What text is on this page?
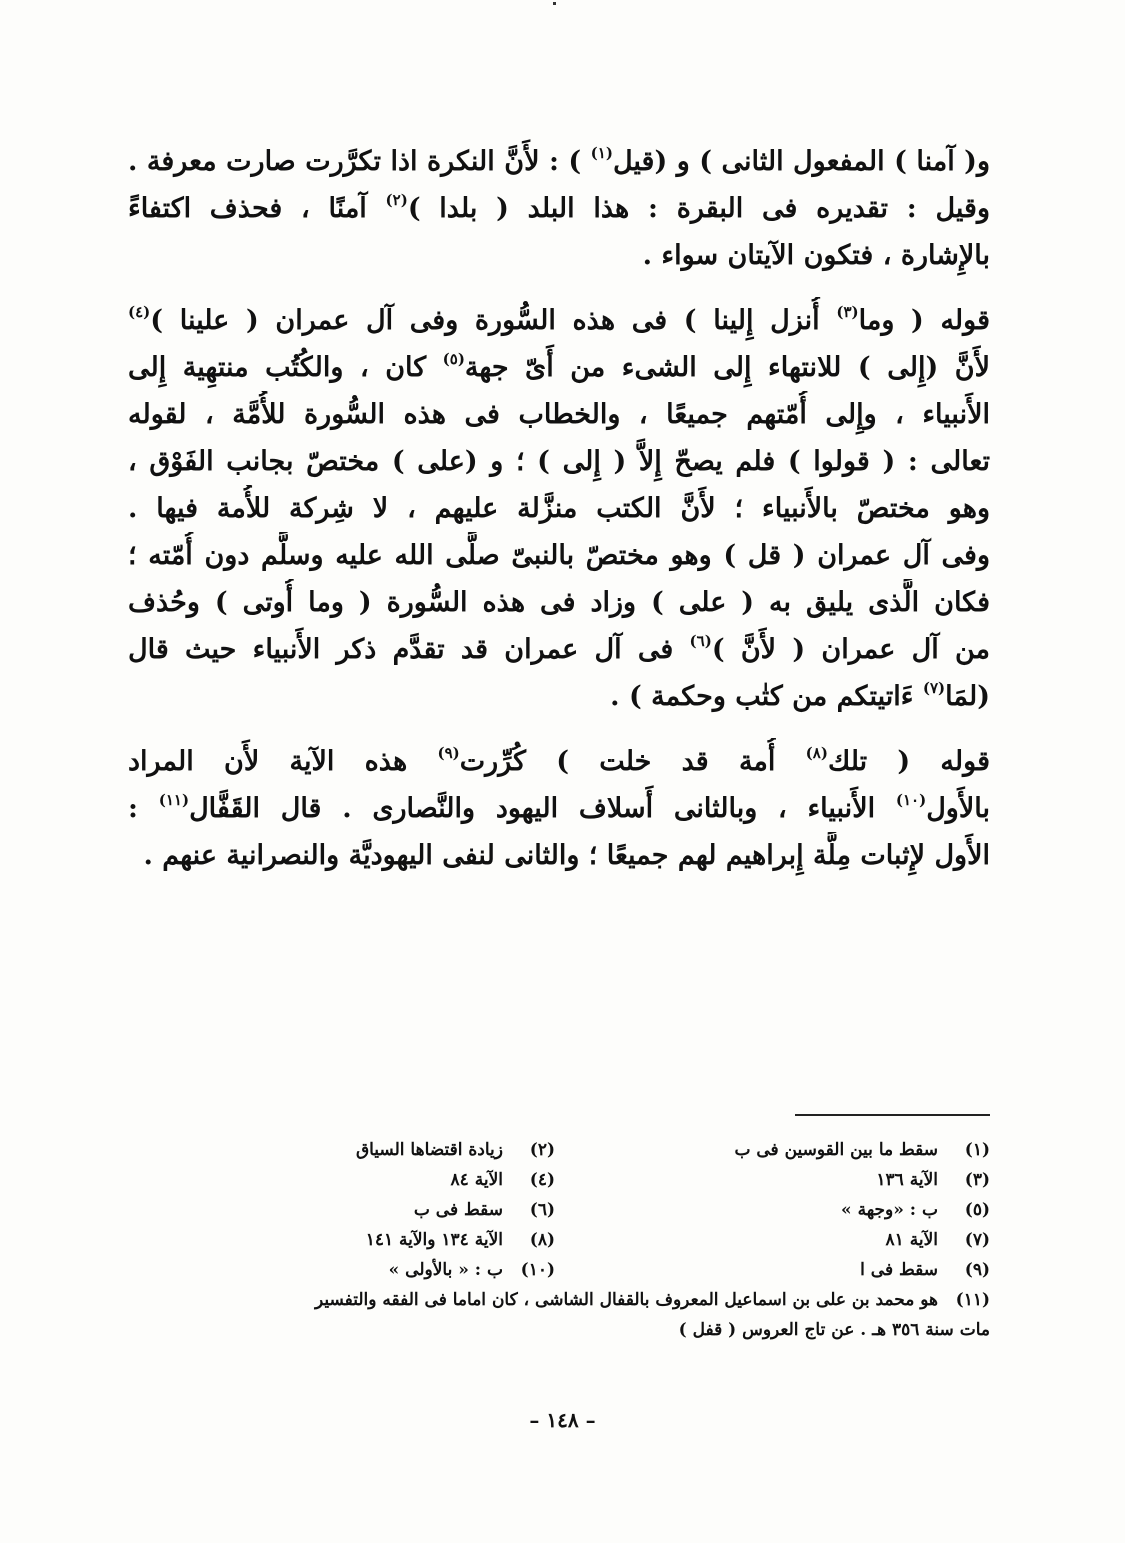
و( آمنا ) المفعول الثانى ) و (قيل$^{(١)}$ ) : لأَنَّ النكرة اذا تكرَّرت صارت معرفة .
وقيل : تقديره فى البقرة : هذا البلد ( بلدا )$^{(٢)}$ آمنًا ، فحذف اكتفاءً
بالإِشارة ، فتكون الآيتان سواء .
قوله ( وما$^{(٣)}$ أُنزل إِلينا ) فى هذه السُّورة وفى آل عمران ( علينا )$^{(٤)}$
لأَنَّ (إِلى ) للانتهاء إِلى الشىء من أَىّ جهة$^{(٥)}$ كان ، والكُتُب منتهِية إِلى
الأَنبياء ، وإِلى أُمّتهم جميعًا ، والخطاب فى هذه السُّورة للأُمَّة ، لقوله
تعالى : ( قولوا ) فلم يصحّ إِلاَّ ( إِلى ) ؛ و (على ) مختصّ بجانب الفَوْق ،
وهو مختصّ بالأَنبياء ؛ لأَنَّ الكتب منزَّلة عليهم ، لا شِركة للأُمة فيها .
وفى آل عمران ( قل ) وهو مختصّ بالنبىّ صلَّى الله عليه وسلَّم دون أُمّته ؛
فكان الَّذى يليق به ( على ) وزاد فى هذه السُّورة ( وما أُوتى ) وحُذف
من آل عمران ( لأَنَّ )$^{(٦)}$ فى آل عمران قد تقدَّم ذكر الأَنبياء حيث قال
(لمَا$^{(٧)}$ ءَاتيتكم من كتٰب وحكمة ) .
قوله ( تلك$^{(٨)}$ أُمة قد خلت ) كُرِّرت$^{(٩)}$ هذه الآية لأَن المراد
بالأَول$^{(١٠)}$ الأَنبياء ، وبالثانى أَسلاف اليهود والنَّصارى . قال القَفَّال$^{(١١)}$ :
الأَول لإِثبات مِلَّة إِبراهيم لهم جميعًا ؛ والثانى لنفى اليهوديَّة والنصرانية عنهم .
(١)
سقط ما بين القوسين فى ب
(٢)
زيادة اقتضاها السياق
(٣)
الآية ١٣٦
(٤)
الآية ٨٤
(٥)
ب : «وجهة »
(٦)
سقط فى ب
(٧)
الآية ٨١
(٨)
الآية ١٣٤ والآية ١٤١
(٩)
سقط فى ا
(١٠)
ب : « بالأولى »
(١١)
هو محمد بن على بن اسماعيل المعروف بالقفال الشاشى ، كان اماما فى الفقه والتفسير
مات سنة ٣٥٦ هـ . عن تاج العروس ( قفل )
– ١٤٨ –
